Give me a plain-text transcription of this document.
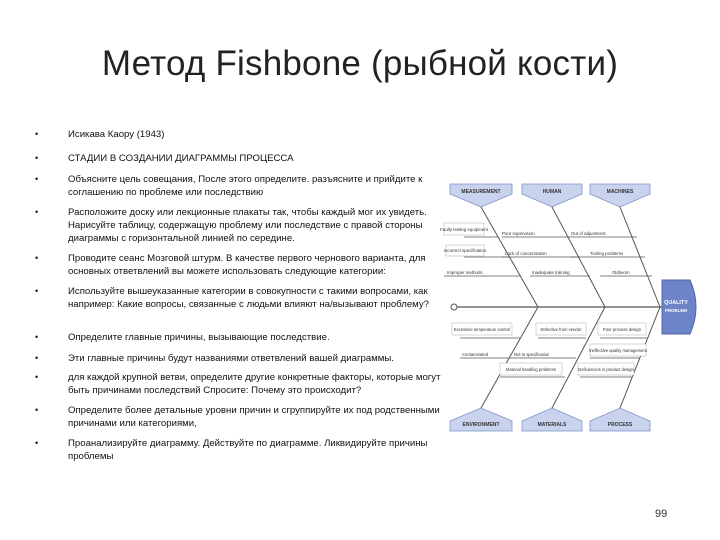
Метод Fishbone (рыбной кости)
•	Исикава Каору (1943)
•	СТАДИИ В СОЗДАНИИ ДИАГРАММЫ ПРОЦЕССА
•	Объясните цель совещания, После этого определите. разъясните и прийдите к соглашению по проблеме или последствию
•	Расположите доску или лекционные плакаты так, чтобы каждый мог их увидеть. Нарисуйте таблицу, содержащую проблему или последствие с правой стороны диаграммы с горизонтальной линией по середине.
•	Проводите сеанс Мозговой штурм. В качестве первого чернового варианта, для основных ответвлений вы можете использовать следующие категории:
•	Используйте вышеуказанные категории в совокупности с такими вопросами, как например: Какие вопросы, связанные с людьми влияют на/вызывают проблему?
•	Определите главные причины, вызывающие последствие.
•	Эти главные причины будут названиями ответвлений вашей диаграммы.
•	для каждой крупной ветви, определите другие конкретные факторы, которые могут быть причинами последствий Спросите: Почему это происходит?
•	Определите более детальные уровни причин и сгруппируйте их под родственными причинами или категориями,
•	Проанализируйте диаграмму. Действуйте по диаграмме. Ликвидируйте причины проблемы
QUALITY
PROBLEM
MEASUREMENT	HUMAN	MACHINES
ENVIRONMENT	MATERIALS	PROCESS
Faulty testing equipment
Poor supervision	Out of adjustment
Incorrect specification
Lack of concentration	Tooling problems
Improper methods	Inadequate training	Old/worn
Excessive temperature control	Defective from vendor	Poor process design
Contaminated	Not to specification
Ineffective quality management
Material handling problems	Deficiencies in product design
99
